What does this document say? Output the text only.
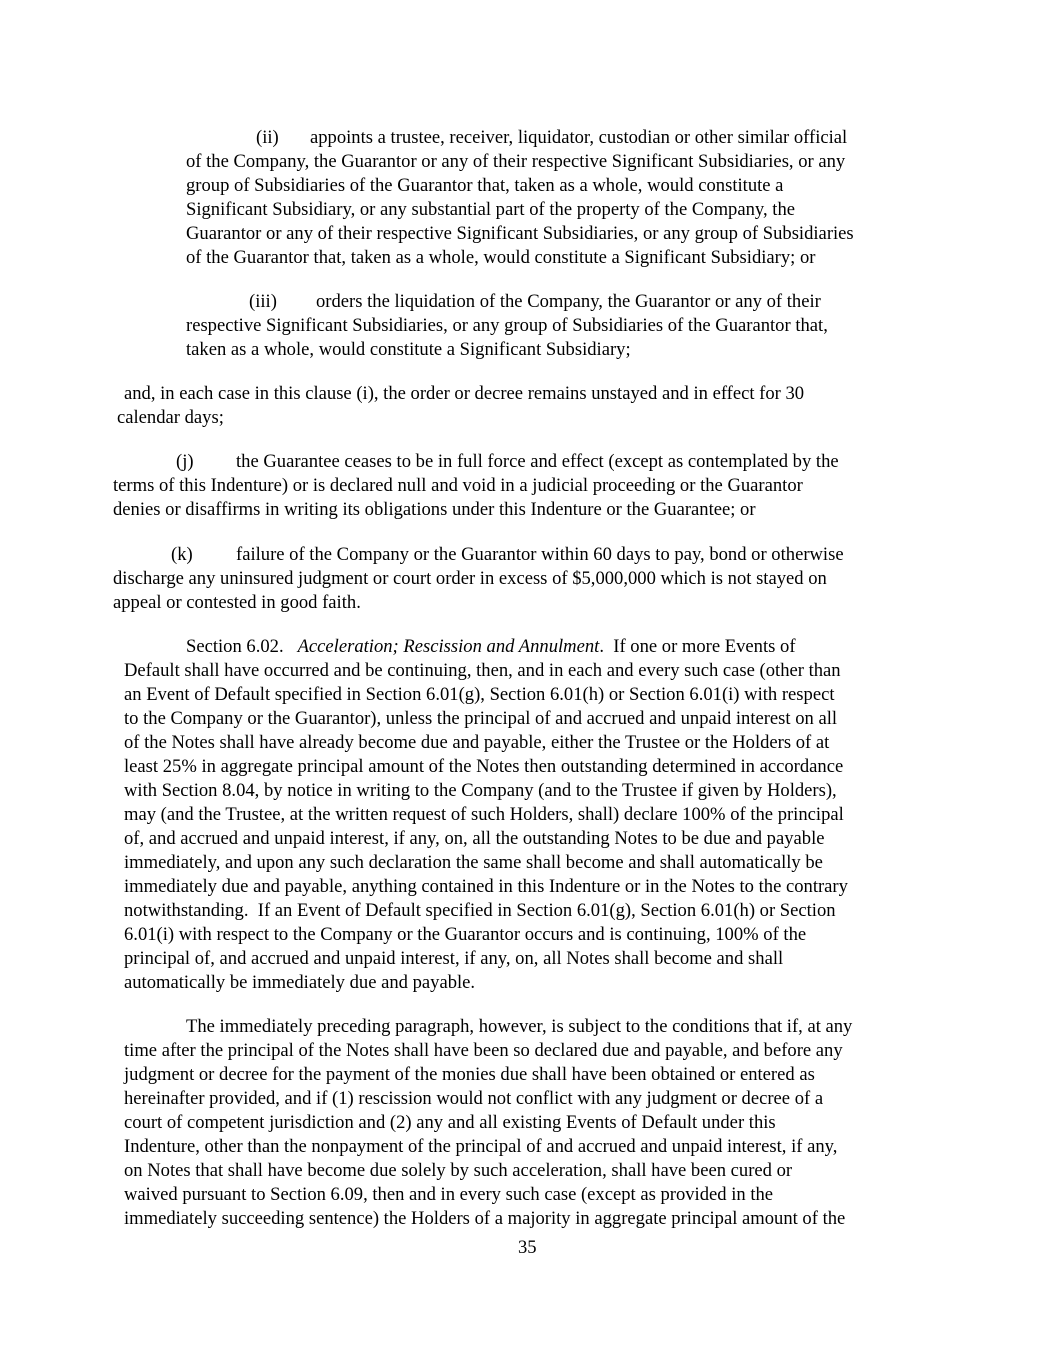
(ii) appoints a trustee, receiver, liquidator, custodian or other similar official
of the Company, the Guarantor or any of their respective Significant Subsidiaries, or any
group of Subsidiaries of the Guarantor that, taken as a whole, would constitute a
Significant Subsidiary, or any substantial part of the property of the Company, the
Guarantor or any of their respective Significant Subsidiaries, or any group of Subsidiaries
of the Guarantor that, taken as a whole, would constitute a Significant Subsidiary; or
(iii) orders the liquidation of the Company, the Guarantor or any of their
respective Significant Subsidiaries, or any group of Subsidiaries of the Guarantor that,
taken as a whole, would constitute a Significant Subsidiary;
and, in each case in this clause (i), the order or decree remains unstayed and in effect for 30
calendar days;
(j) the Guarantee ceases to be in full force and effect (except as contemplated by the
terms of this Indenture) or is declared null and void in a judicial proceeding or the Guarantor
denies or disaffirms in writing its obligations under this Indenture or the Guarantee; or
(k) failure of the Company or the Guarantor within 60 days to pay, bond or otherwise
discharge any uninsured judgment or court order in excess of $5,000,000 which is not stayed on
appeal or contested in good faith.
Section 6.02. Acceleration; Rescission and Annulment.  If one or more Events of
Default shall have occurred and be continuing, then, and in each and every such case (other than
an Event of Default specified in Section 6.01(g), Section 6.01(h) or Section 6.01(i) with respect
to the Company or the Guarantor), unless the principal of and accrued and unpaid interest on all
of the Notes shall have already become due and payable, either the Trustee or the Holders of at
least 25% in aggregate principal amount of the Notes then outstanding determined in accordance
with Section 8.04, by notice in writing to the Company (and to the Trustee if given by Holders),
may (and the Trustee, at the written request of such Holders, shall) declare 100% of the principal
of, and accrued and unpaid interest, if any, on, all the outstanding Notes to be due and payable
immediately, and upon any such declaration the same shall become and shall automatically be
immediately due and payable, anything contained in this Indenture or in the Notes to the contrary
notwithstanding.  If an Event of Default specified in Section 6.01(g), Section 6.01(h) or Section
6.01(i) with respect to the Company or the Guarantor occurs and is continuing, 100% of the
principal of, and accrued and unpaid interest, if any, on, all Notes shall become and shall
automatically be immediately due and payable.
The immediately preceding paragraph, however, is subject to the conditions that if, at any
time after the principal of the Notes shall have been so declared due and payable, and before any
judgment or decree for the payment of the monies due shall have been obtained or entered as
hereinafter provided, and if (1) rescission would not conflict with any judgment or decree of a
court of competent jurisdiction and (2) any and all existing Events of Default under this
Indenture, other than the nonpayment of the principal of and accrued and unpaid interest, if any,
on Notes that shall have become due solely by such acceleration, shall have been cured or
waived pursuant to Section 6.09, then and in every such case (except as provided in the
immediately succeeding sentence) the Holders of a majority in aggregate principal amount of the
35
